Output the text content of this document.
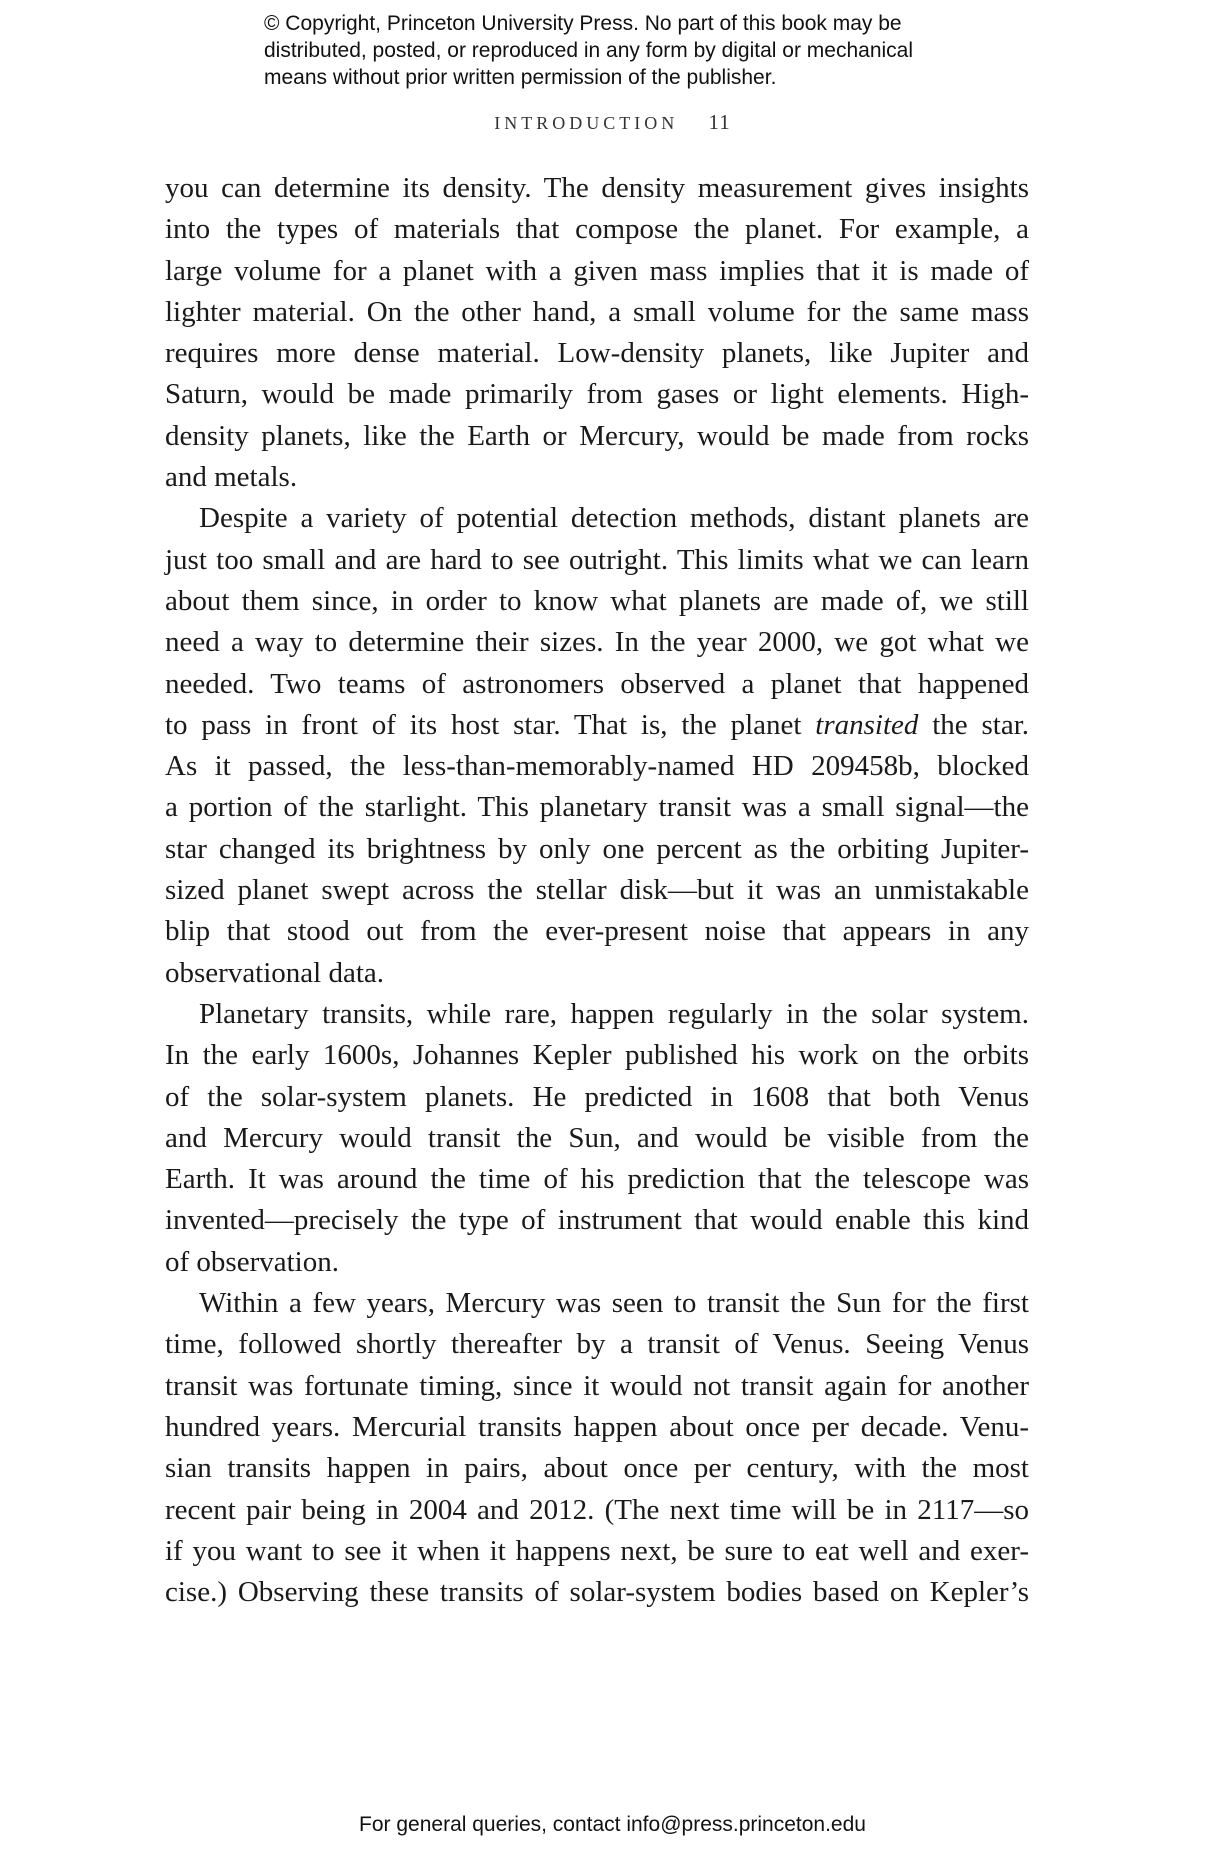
© Copyright, Princeton University Press. No part of this book may be
distributed, posted, or reproduced in any form by digital or mechanical
means without prior written permission of the publisher.
INTRODUCTION 11
you can determine its density. The density measurement gives insights
into the types of materials that compose the planet. For example, a
large volume for a planet with a given mass implies that it is made of
lighter material. On the other hand, a small volume for the same mass
requires more dense material. Low-density planets, like Jupiter and
Saturn, would be made primarily from gases or light elements. High-
density planets, like the Earth or Mercury, would be made from rocks
and metals.
Despite a variety of potential detection methods, distant planets are
just too small and are hard to see outright. This limits what we can learn
about them since, in order to know what planets are made of, we still
need a way to determine their sizes. In the year 2000, we got what we
needed. Two teams of astronomers observed a planet that happened
to pass in front of its host star. That is, the planet transited the star.
As it passed, the less-than-memorably-named HD 209458b, blocked
a portion of the starlight. This planetary transit was a small signal—the
star changed its brightness by only one percent as the orbiting Jupiter-
sized planet swept across the stellar disk—but it was an unmistakable
blip that stood out from the ever-present noise that appears in any
observational data.
Planetary transits, while rare, happen regularly in the solar system.
In the early 1600s, Johannes Kepler published his work on the orbits
of the solar-system planets. He predicted in 1608 that both Venus
and Mercury would transit the Sun, and would be visible from the
Earth. It was around the time of his prediction that the telescope was
invented—precisely the type of instrument that would enable this kind
of observation.
Within a few years, Mercury was seen to transit the Sun for the first
time, followed shortly thereafter by a transit of Venus. Seeing Venus
transit was fortunate timing, since it would not transit again for another
hundred years. Mercurial transits happen about once per decade. Venu-
sian transits happen in pairs, about once per century, with the most
recent pair being in 2004 and 2012. (The next time will be in 2117—so
if you want to see it when it happens next, be sure to eat well and exer-
cise.) Observing these transits of solar-system bodies based on Kepler’s
For general queries, contact info@press.princeton.edu
